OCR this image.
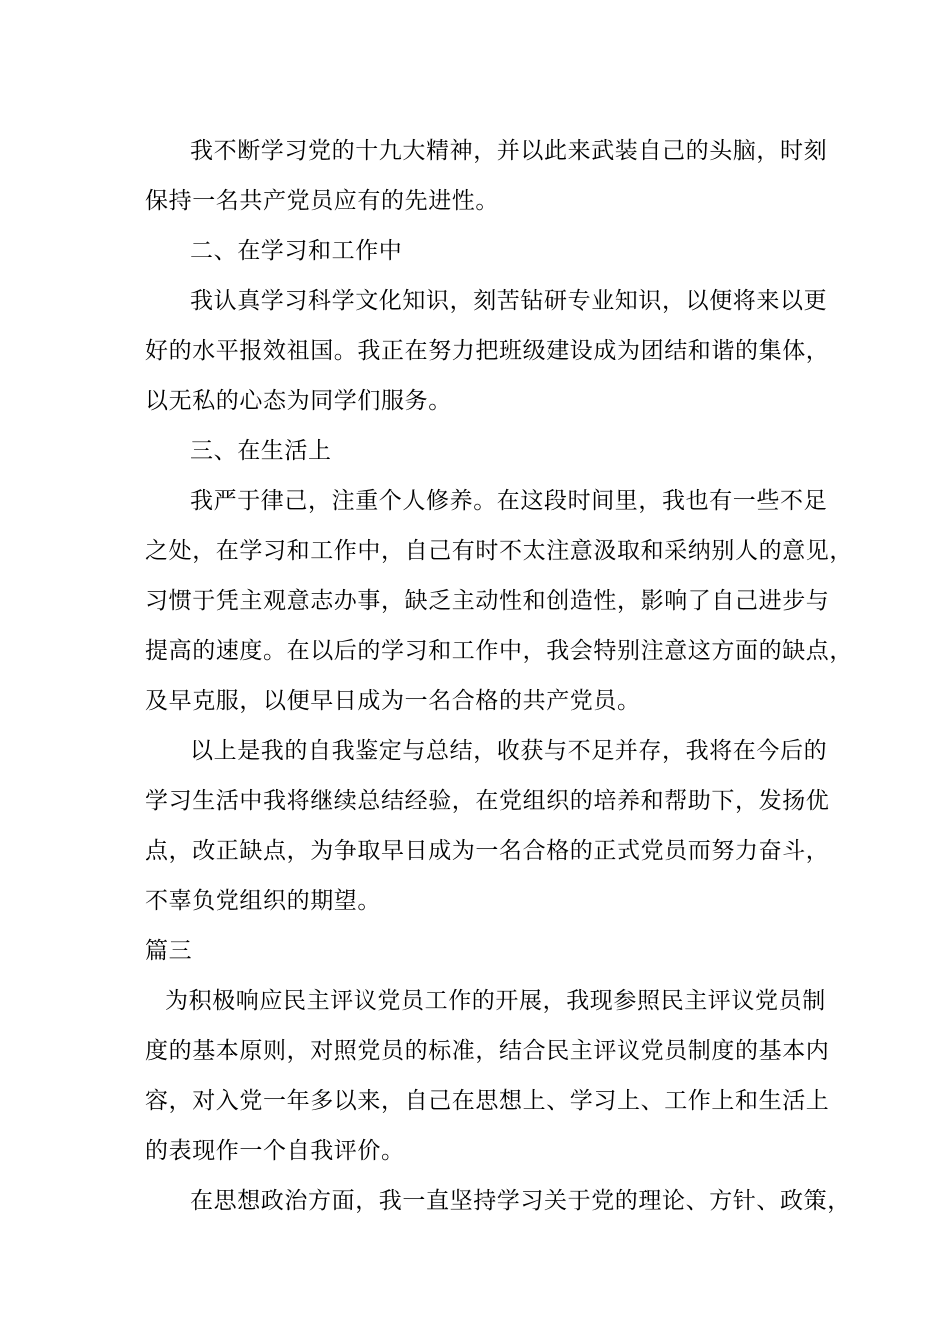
我不断学习党的十九大精神，并以此来武装自己的头脑，时刻
保持一名共产党员应有的先进性。
二、在学习和工作中
我认真学习科学文化知识，刻苦钻研专业知识，以便将来以更
好的水平报效祖国。我正在努力把班级建设成为团结和谐的集体，
以无私的心态为同学们服务。
三、在生活上
我严于律己，注重个人修养。在这段时间里，我也有一些不足
之处，在学习和工作中，自己有时不太注意汲取和采纳别人的意见，
习惯于凭主观意志办事，缺乏主动性和创造性，影响了自己进步与
提高的速度。在以后的学习和工作中，我会特别注意这方面的缺点，
及早克服，以便早日成为一名合格的共产党员。
以上是我的自我鉴定与总结，收获与不足并存，我将在今后的
学习生活中我将继续总结经验，在党组织的培养和帮助下，发扬优
点，改正缺点，为争取早日成为一名合格的正式党员而努力奋斗，
不辜负党组织的期望。
篇三
为积极响应民主评议党员工作的开展，我现参照民主评议党员制
度的基本原则，对照党员的标准，结合民主评议党员制度的基本内
容，对入党一年多以来，自己在思想上、学习上、工作上和生活上
的表现作一个自我评价。
在思想政治方面，我一直坚持学习关于党的理论、方针、政策，
